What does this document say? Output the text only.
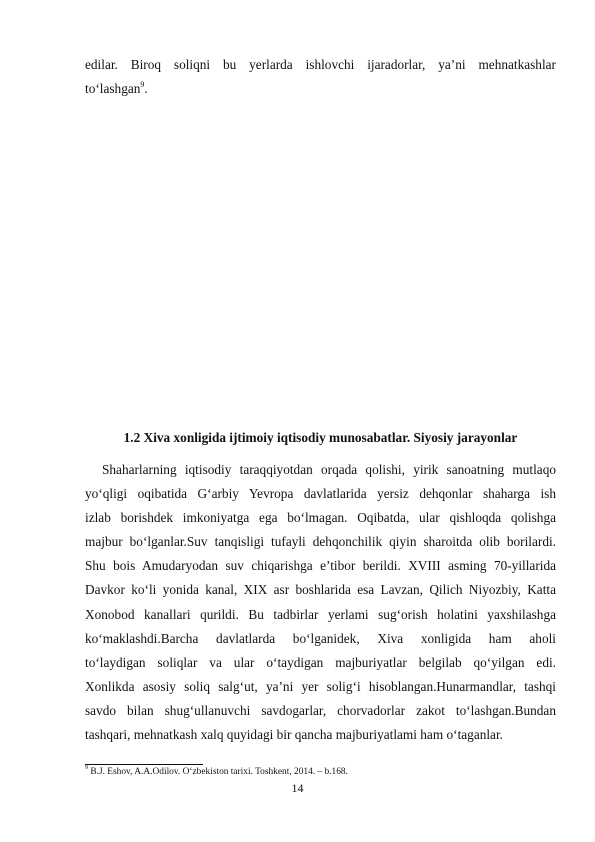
edilar. Biroq soliqni bu yerlarda ishlovchi ijaradorlar, ya’ni mehnatkashlar
to‘lashgan$^9$.
1.2 Xiva xonligida ijtimoiy iqtisodiy munosabatlar. Siyosiy jarayonlar
Shaharlarning iqtisodiy taraqqiyotdan orqada qolishi, yirik sanoatning mutlaqo
yo‘qligi oqibatida G‘arbiy Yevropa davlatlarida yersiz dehqonlar shaharga ish
izlab borishdek imkoniyatga ega bo‘lmagan. Oqibatda, ular qishloqda qolishga
majbur bo‘lganlar.Suv tanqisligi tufayli dehqonchilik qiyin sharoitda olib borilardi.
Shu bois Amudaryodan suv chiqarishga e’tibor berildi. XVIII asming 70-yillarida
Davkor ko‘li yonida kanal, XIX asr boshlarida esa Lavzan, Qilich Niyozbiy, Katta
Xonobod kanallari qurildi. Bu tadbirlar yerlami sug‘orish holatini yaxshilashga
ko‘maklashdi.Barcha davlatlarda bo‘lganidek, Xiva xonligida ham aholi
to‘laydigan soliqlar va ular o‘taydigan majburiyatlar belgilab qo‘yilgan edi.
Xonlikda asosiy soliq salg‘ut, ya’ni yer solig‘i hisoblangan.Hunarmandlar, tashqi
savdo bilan shug‘ullanuvchi savdogarlar, chorvadorlar zakot to‘lashgan.Bundan
tashqari, mehnatkash xalq quyidagi bir qancha majburiyatlami ham o‘taganlar.
$^9$ B.J. Eshov, A.A.Odilov. O‘zbekiston tarixi. Toshkent, 2014. – b.168.
14
